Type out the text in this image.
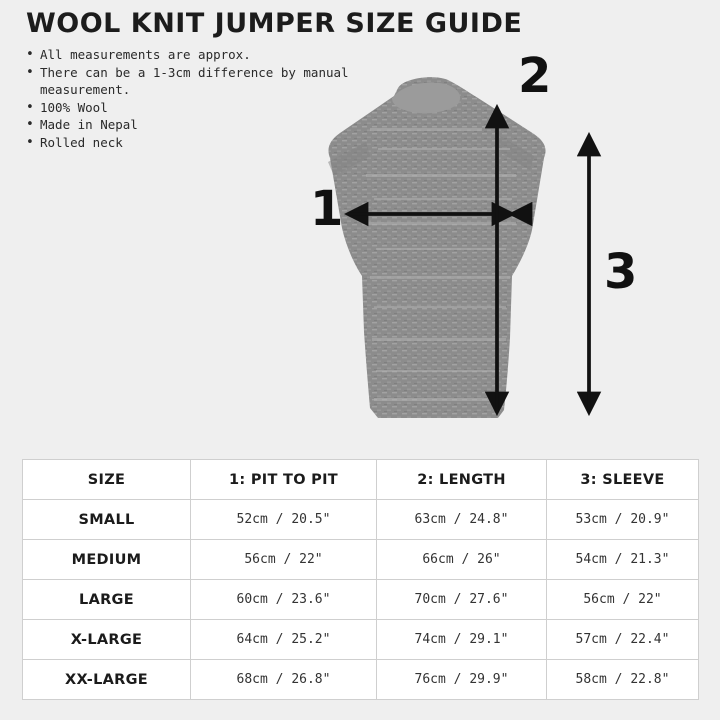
WOOL KNIT JUMPER SIZE GUIDE
• All measurements are approx.
• There can be a 1-3cm difference by manual measurement.
• 100% Wool
• Made in Nepal
• Rolled neck
1
2
3
SIZE	1: PIT TO PIT	2: LENGTH	3: SLEEVE
SMALL	52cm / 20.5"	63cm / 24.8"	53cm / 20.9"
MEDIUM	56cm / 22"	66cm / 26"	54cm / 21.3"
LARGE	60cm / 23.6"	70cm / 27.6"	56cm / 22"
X-LARGE	64cm / 25.2"	74cm / 29.1"	57cm / 22.4"
XX-LARGE	68cm / 26.8"	76cm / 29.9"	58cm / 22.8"
